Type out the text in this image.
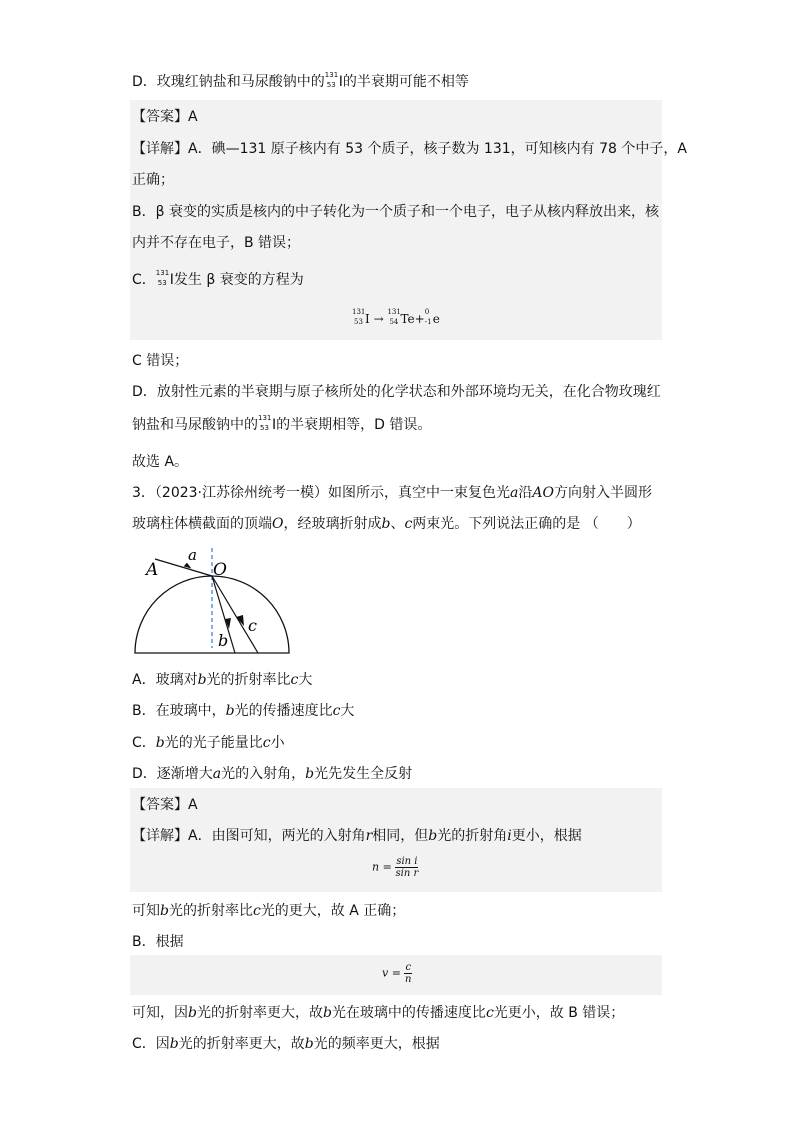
D．玫瑰红钠盐和马尿酸钠中的 131
53 I的半衰期可能不相等
【答案】A
【详解】A．碘—131 原子核内有 53 个质子，核子数为 131，可知核内有 78 个中子，A
正确；
B．β 衰变的实质是核内的中子转化为一个质子和一个电子，电子从核内释放出来，核
内并不存在电子，B 错误；
C． 131
53 I发生 β 衰变的方程为
131
53 I → 131
54 Te+ 0
-1 e
C 错误；
D．放射性元素的半衰期与原子核所处的化学状态和外部环境均无关，在化合物玫瑰红
钠盐和马尿酸钠中的 131
53 I的半衰期相等，D 错误。
故选 A。
3．（2023·江苏徐州统考一模）如图所示，真空中一束复色光a沿AO方向射入半圆形
玻璃柱体横截面的顶端O，经玻璃折射成b、c两束光。下列说法正确的是 （　　）
A
a
O
b
c
A．玻璃对b光的折射率比c大
B．在玻璃中，b光的传播速度比c大
C．b光的光子能量比c小
D．逐渐增大a光的入射角，b光先发生全反射
【答案】A
【详解】A．由图可知，两光的入射角r相同，但b光的折射角i更小，根据
$n = \frac{\text{sin i}}{\text{sin r}}$
可知b光的折射率比c光的更大，故 A 正确；
B．根据
$v = \frac{c}{n}$
可知，因b光的折射率更大，故b光在玻璃中的传播速度比c光更小，故 B 错误；
C．因b光的折射率更大，故b光的频率更大，根据
